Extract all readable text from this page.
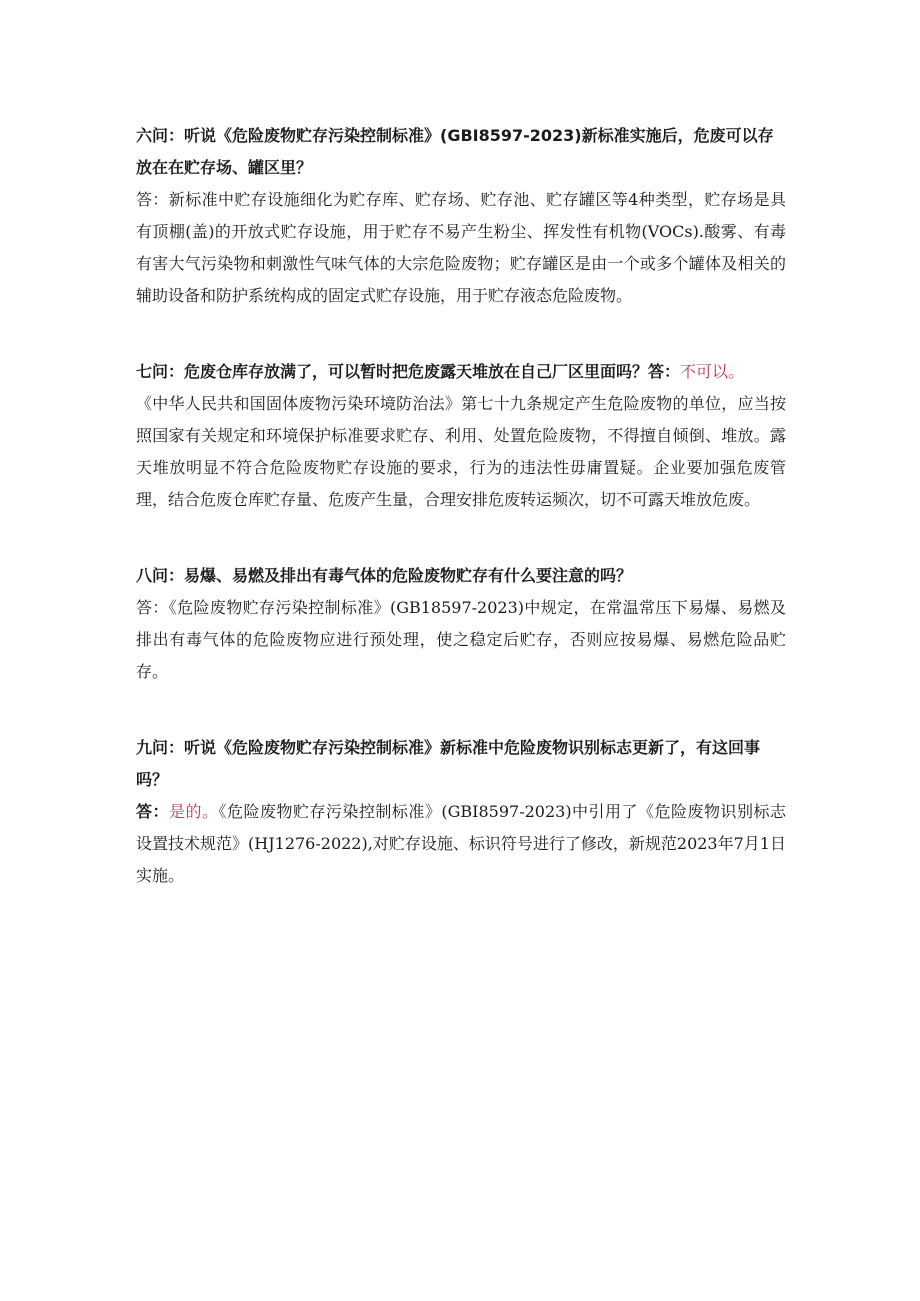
六问：听说《危险废物贮存污染控制标准》(GBI8597-2023)新标准实施后，危废可以存放在在贮存场、罐区里？

答：新标准中贮存设施细化为贮存库、贮存场、贮存池、贮存罐区等4种类型，贮存场是具有顶棚(盖)的开放式贮存设施，用于贮存不易产生粉尘、挥发性有机物(VOCs).酸雾、有毒有害大气污染物和刺激性气味气体的大宗危险废物；贮存罐区是由一个或多个罐体及相关的辅助设备和防护系统构成的固定式贮存设施，用于贮存液态危险废物。

七问：危废仓库存放满了，可以暂时把危废露天堆放在自己厂区里面吗？答：不可以。

《中华人民共和国固体废物污染环境防治法》第七十九条规定产生危险废物的单位，应当按照国家有关规定和环境保护标准要求贮存、利用、处置危险废物，不得擅自倾倒、堆放。露天堆放明显不符合危险废物贮存设施的要求，行为的违法性毋庸置疑。企业要加强危废管理，结合危废仓库贮存量、危废产生量，合理安排危废转运频次，切不可露天堆放危废。

八问：易爆、易燃及排出有毒气体的危险废物贮存有什么要注意的吗？

答：《危险废物贮存污染控制标准》(GB18597-2023)中规定，在常温常压下易爆、易燃及排出有毒气体的危险废物应进行预处理，使之稳定后贮存，否则应按易爆、易燃危险品贮存。

九问：听说《危险废物贮存污染控制标准》新标准中危险废物识别标志更新了，有这回事吗？

答：是的。《危险废物贮存污染控制标准》(GBI8597-2023)中引用了《危险废物识别标志设置技术规范》(HJ1276-2022),对贮存设施、标识符号进行了修改，新规范2023年7月1日实施。
